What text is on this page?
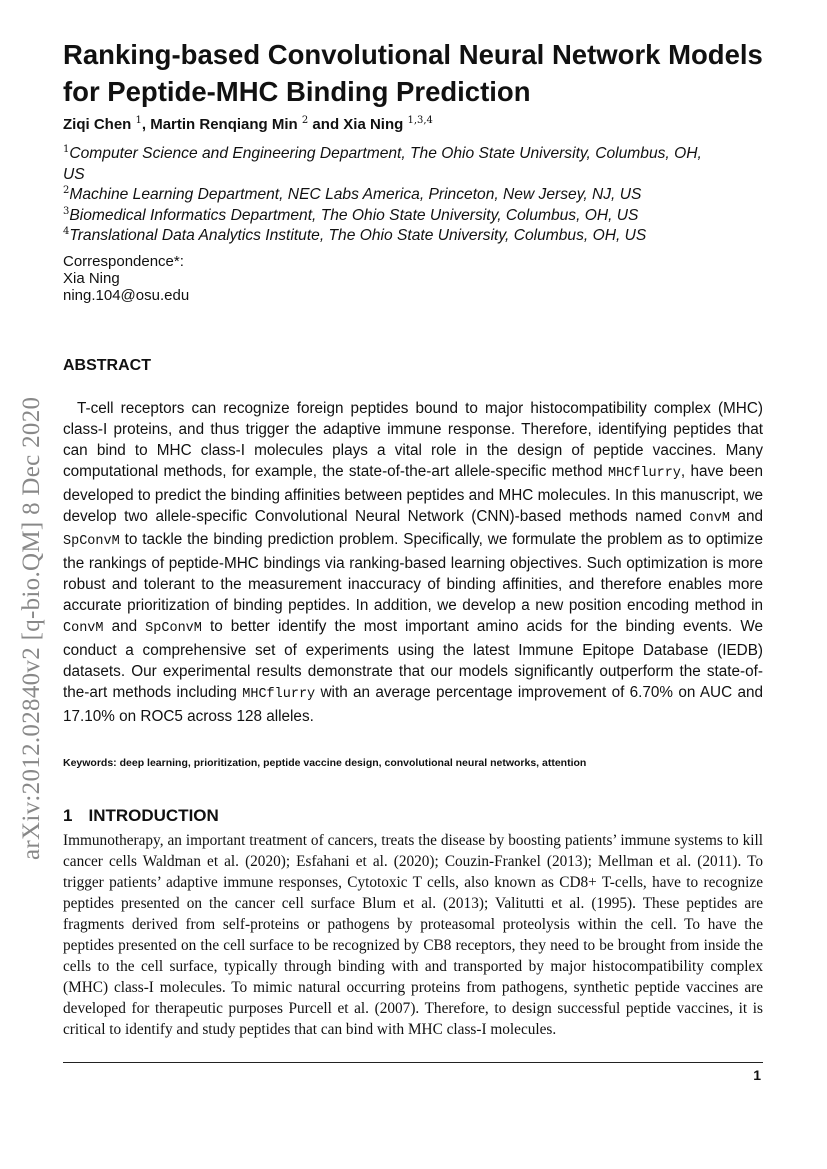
arXiv:2012.02840v2 [q-bio.QM] 8 Dec 2020
Ranking-based Convolutional Neural Network Models for Peptide-MHC Binding Prediction
Ziqi Chen $^1$, Martin Renqiang Min $^2$ and Xia Ning $^{1,3,4}$
$^1$Computer Science and Engineering Department, The Ohio State University, Columbus, OH, US
$^2$Machine Learning Department, NEC Labs America, Princeton, New Jersey, NJ, US
$^3$Biomedical Informatics Department, The Ohio State University, Columbus, OH, US
$^4$Translational Data Analytics Institute, The Ohio State University, Columbus, OH, US
Correspondence*:
Xia Ning
ning.104@osu.edu
ABSTRACT

T-cell receptors can recognize foreign peptides bound to major histocompatibility complex (MHC) class-I proteins, and thus trigger the adaptive immune response. Therefore, identifying peptides that can bind to MHC class-I molecules plays a vital role in the design of peptide vaccines. Many computational methods, for example, the state-of-the-art allele-specific method MHCflurry, have been developed to predict the binding affinities between peptides and MHC molecules. In this manuscript, we develop two allele-specific Convolutional Neural Network (CNN)-based methods named ConvM and SpConvM to tackle the binding prediction problem. Specifically, we formulate the problem as to optimize the rankings of peptide-MHC bindings via ranking-based learning objectives. Such optimization is more robust and tolerant to the measurement inaccuracy of binding affinities, and therefore enables more accurate prioritization of binding peptides. In addition, we develop a new position encoding method in ConvM and SpConvM to better identify the most important amino acids for the binding events. We conduct a comprehensive set of experiments using the latest Immune Epitope Database (IEDB) datasets. Our experimental results demonstrate that our models significantly outperform the state-of-the-art methods including MHCflurry with an average percentage improvement of 6.70% on AUC and 17.10% on ROC5 across 128 alleles.

Keywords: deep learning, prioritization, peptide vaccine design, convolutional neural networks, attention
1 INTRODUCTION

Immunotherapy, an important treatment of cancers, treats the disease by boosting patients’ immune systems to kill cancer cells Waldman et al. (2020); Esfahani et al. (2020); Couzin-Frankel (2013); Mellman et al. (2011). To trigger patients’ adaptive immune responses, Cytotoxic T cells, also known as CD8+ T-cells, have to recognize peptides presented on the cancer cell surface Blum et al. (2013); Valitutti et al. (1995). These peptides are fragments derived from self-proteins or pathogens by proteasomal proteolysis within the cell. To have the peptides presented on the cell surface to be recognized by CB8 receptors, they need to be brought from inside the cells to the cell surface, typically through binding with and transported by major histocompatibility complex (MHC) class-I molecules. To mimic natural occurring proteins from pathogens, synthetic peptide vaccines are developed for therapeutic purposes Purcell et al. (2007). Therefore, to design successful peptide vaccines, it is critical to identify and study peptides that can bind with MHC class-I molecules.

1
